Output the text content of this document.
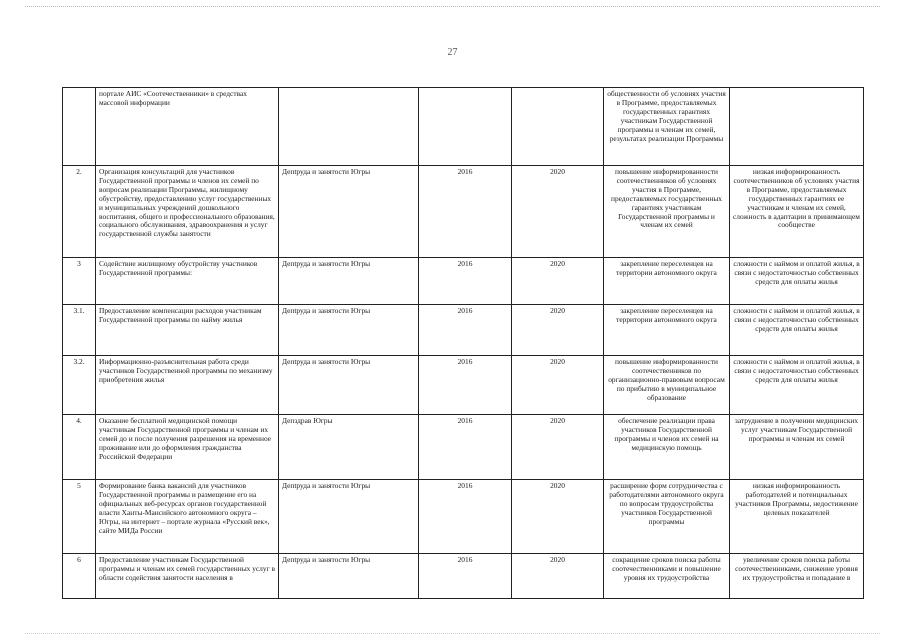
27

	портале АИС «Соотечественники» в средствах массовой информации				общественности об условиях участия в Программе, предоставляемых государственных гарантиях участникам Государственной программы и членам их семей, результатах реализации Программы	

2.	Организация консультаций для участников Государственной программы и членов их семей по вопросам реализации Программы, жилищному обустройству, предоставлению услуг государственных и муниципальных учреждений дошкольного воспитания, общего и профессионального образования, социального обслуживания, здравоохранения и услуг государственной службы занятости	Депtруда и занятости Югры	2016	2020	повышение информированности соотечественников об условиях участия в Программе, предоставляемых государственных гарантиях участникам Государственной программы и членам их семей	низкая информированность соотечественников об условиях участия в Программе, предоставляемых государственных гарантиях ее участникам и членам их семей, сложность в адаптации в принимающем сообществе

3	Содействие жилищному обустройству участников Государственной программы:	Депtруда и занятости Югры	2016	2020	закрепление переселенцев на территории автономного округа	сложности с наймом и оплатой жилья, в связи с недостаточностью собственных средств для оплаты жилья

3.1.	Предоставление компенсации расходов участникам Государственной программы по найму жилья	Депtруда и занятости Югры	2016	2020	закрепление переселенцев на территории автономного округа	сложности с наймом и оплатой жилья, в связи с недостаточностью собственных средств для оплаты жилья

3.2.	Информационно-разъяснительная работа среди участников Государственной программы по механизму приобретения жилья	Депtруда и занятости Югры	2016	2020	повышение информированности соотечественников по организационно-правовым вопросам по прибытию в муниципальное образование	сложности с наймом и оплатой жилья, в связи с недостаточностью собственных средств для оплаты жилья

4.	Оказание бесплатной медицинской помощи участникам Государственной программы и членам их семей до и после получения разрешения на временное проживание или до оформления гражданства Российской Федерации	Депздрав Югры	2016	2020	обеспечение реализации права участников Государственной программы и членов их семей на медицинскую помощь	затруднение в получении медицинских услуг участникам Государственной программы и членам их семей

5	Формирование банка вакансий для участников Государственной программы и размещение его на официальных веб-ресурсах органов государственной власти Ханты-Мансийского автономного округа – Югры, на интернет – портале журнала «Русский век», сайте МИДа России	Депtруда и занятости Югры	2016	2020	расширение форм сотрудничества с работодателями автономного округа по вопросам трудоустройства участников Государственной программы	низкая информированность работодателей и потенциальных участников Программы, недостижение целевых показателей

6	Предоставление участникам Государственной программы и членам их семей государственных услуг в области содействия занятости населения в	Депtруда и занятости Югры	2016	2020	сокращение сроков поиска работы соотечественниками и повышение уровня их трудоустройства	увеличение сроков поиска работы соотечественниками, снижение уровня их трудоустройства и попадание в
